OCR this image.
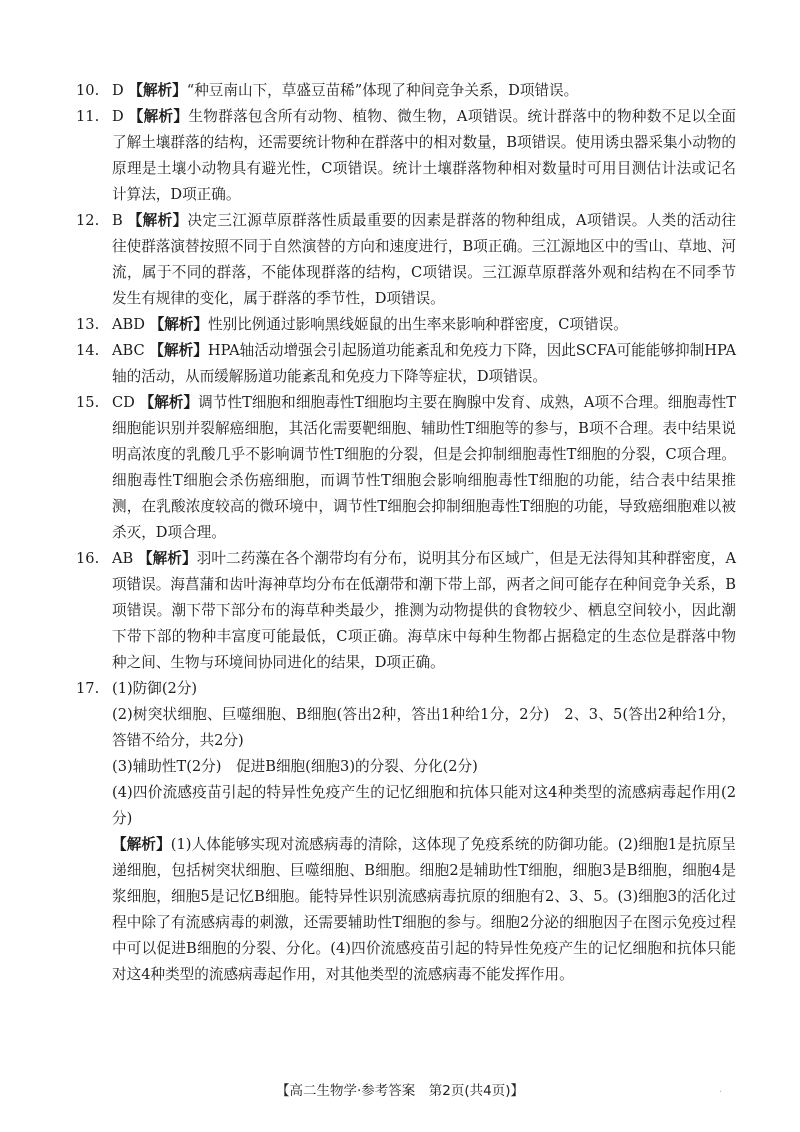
10. D 【解析】“种豆南山下，草盛豆苗稀”体现了种间竞争关系，D项错误。
11. D 【解析】生物群落包含所有动物、植物、微生物，A项错误。统计群落中的物种数不足以全面了解土壤群落的结构，还需要统计物种在群落中的相对数量，B项错误。使用诱虫器采集小动物的原理是土壤小动物具有避光性，C项错误。统计土壤群落物种相对数量时可用目测估计法或记名计算法，D项正确。
12. B 【解析】决定三江源草原群落性质最重要的因素是群落的物种组成，A项错误。人类的活动往往使群落演替按照不同于自然演替的方向和速度进行，B项正确。三江源地区中的雪山、草地、河流，属于不同的群落，不能体现群落的结构，C项错误。三江源草原群落外观和结构在不同季节发生有规律的变化，属于群落的季节性，D项错误。
13. ABD 【解析】性别比例通过影响黑线姬鼠的出生率来影响种群密度，C项错误。
14. ABC 【解析】HPA轴活动增强会引起肠道功能紊乱和免疫力下降，因此SCFA可能能够抑制HPA轴的活动，从而缓解肠道功能紊乱和免疫力下降等症状，D项错误。
15. CD 【解析】调节性T细胞和细胞毒性T细胞均主要在胸腺中发育、成熟，A项不合理。细胞毒性T细胞能识别并裂解癌细胞，其活化需要靶细胞、辅助性T细胞等的参与，B项不合理。表中结果说明高浓度的乳酸几乎不影响调节性T细胞的分裂，但是会抑制细胞毒性T细胞的分裂，C项合理。细胞毒性T细胞会杀伤癌细胞，而调节性T细胞会影响细胞毒性T细胞的功能，结合表中结果推测，在乳酸浓度较高的微环境中，调节性T细胞会抑制细胞毒性T细胞的功能，导致癌细胞难以被杀灭，D项合理。
16. AB 【解析】羽叶二药藻在各个潮带均有分布，说明其分布区域广，但是无法得知其种群密度，A项错误。海菖蒲和齿叶海神草均分布在低潮带和潮下带上部，两者之间可能存在种间竞争关系，B项错误。潮下带下部分布的海草种类最少，推测为动物提供的食物较少、栖息空间较小，因此潮下带下部的物种丰富度可能最低，C项正确。海草床中每种生物都占据稳定的生态位是群落中物种之间、生物与环境间协同进化的结果，D项正确。
17. (1)防御(2分)

(2)树突状细胞、巨噬细胞、B细胞(答出2种，答出1种给1分，2分)　2、3、5(答出2种给1分，答错不给分，共2分)

(3)辅助性T(2分)　促进B细胞(细胞3)的分裂、分化(2分)

(4)四价流感疫苗引起的特异性免疫产生的记忆细胞和抗体只能对这4种类型的流感病毒起作用(2分)

【解析】(1)人体能够实现对流感病毒的清除，这体现了免疫系统的防御功能。(2)细胞1是抗原呈递细胞，包括树突状细胞、巨噬细胞、B细胞。细胞2是辅助性T细胞，细胞3是B细胞，细胞4是浆细胞，细胞5是记忆B细胞。能特异性识别流感病毒抗原的细胞有2、3、5。(3)细胞3的活化过程中除了有流感病毒的刺激，还需要辅助性T细胞的参与。细胞2分泌的细胞因子在图示免疫过程中可以促进B细胞的分裂、分化。(4)四价流感疫苗引起的特异性免疫产生的记忆细胞和抗体只能对这4种类型的流感病毒起作用，对其他类型的流感病毒不能发挥作用。

【高二生物学·参考答案　第2页(共4页)】	.
